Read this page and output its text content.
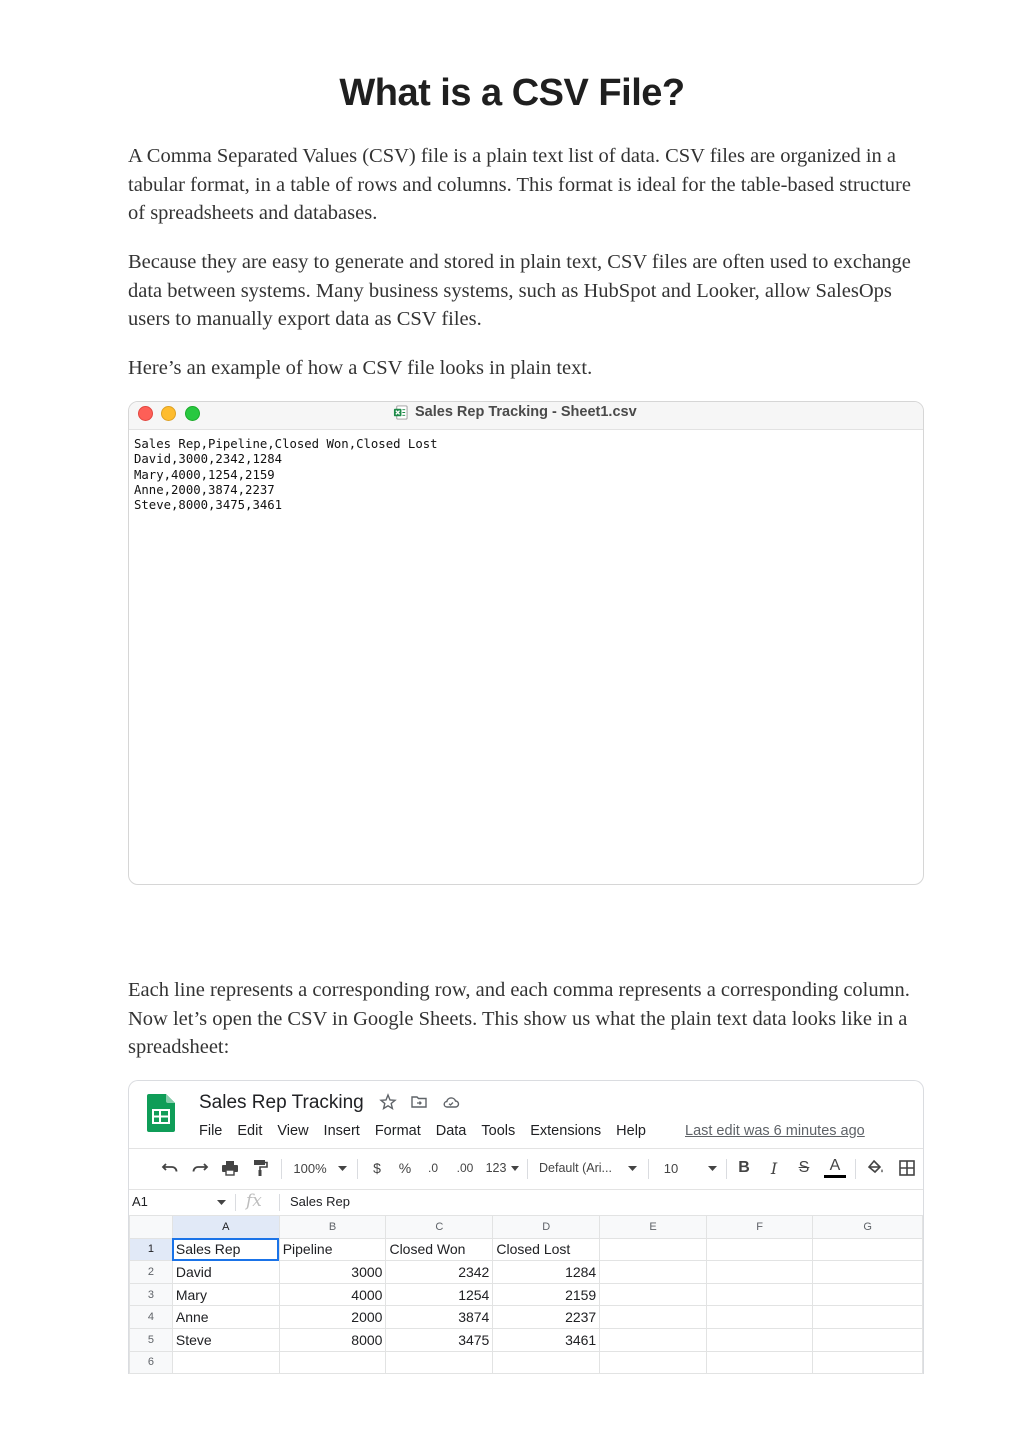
What is a CSV File?

A Comma Separated Values (CSV) file is a plain text list of data. CSV files are organized in a tabular format, in a table of rows and columns. This format is ideal for the table-based structure of spreadsheets and databases.

Because they are easy to generate and stored in plain text, CSV files are often used to exchange data between systems. Many business systems, such as HubSpot and Looker, allow SalesOps users to manually export data as CSV files.

Here’s an example of how a CSV file looks in plain text.

Sales Rep Tracking - Sheet1.csv
Sales Rep,Pipeline,Closed Won,Closed Lost
David,3000,2342,1284
Mary,4000,1254,2159
Anne,2000,3874,2237
Steve,8000,3475,3461

Each line represents a corresponding row, and each comma represents a corresponding column. Now let’s open the CSV in Google Sheets. This show us what the plain text data looks like in a spreadsheet:

Sales Rep Tracking
File Edit View Insert Format Data Tools Extensions Help	Last edit was 6 minutes ago
100%	$ %	.0	.00 123	Default (Ari...	10	B	I	S A
A1	fx Sales Rep
	A	B	C	D	E	F	G
1	Sales Rep	Pipeline	Closed Won	Closed Lost			
2	David	3000	2342	1284			
3	Mary	4000	1254	2159			
4	Anne	2000	3874	2237			
5	Steve	8000	3475	3461			
6							
